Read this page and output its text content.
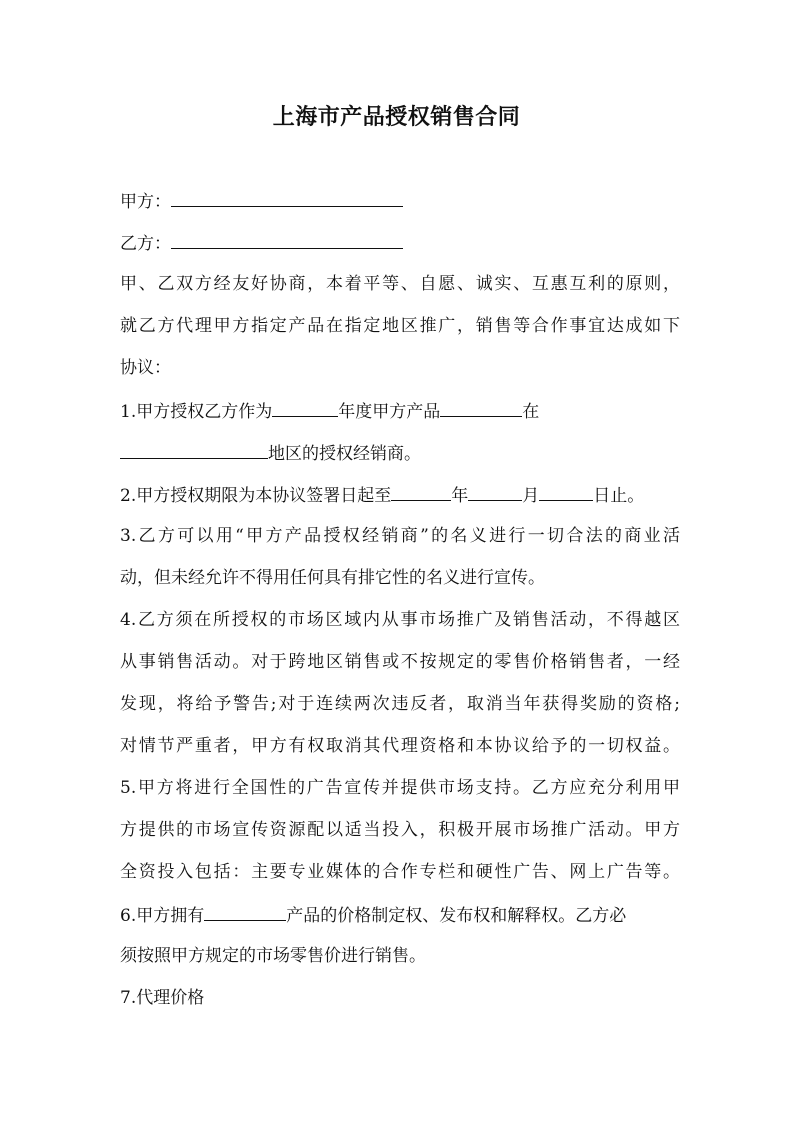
上海市产品授权销售合同
甲方：
乙方：
甲、乙双方经友好协商，本着平等、自愿、诚实、互惠互利的原则，
就乙方代理甲方指定产品在指定地区推广，销售等合作事宜达成如下
协议：
1.甲方授权乙方作为	年度甲方产品	在
地区的授权经销商。
2.甲方授权期限为本协议签署日起至	年	月	日止。
3.乙方可以用“甲方产品授权经销商”的名义进行一切合法的商业活
动，但未经允许不得用任何具有排它性的名义进行宣传。
4.乙方须在所授权的市场区域内从事市场推广及销售活动，不得越区
从事销售活动。对于跨地区销售或不按规定的零售价格销售者，一经
发现，将给予警告;对于连续两次违反者，取消当年获得奖励的资格;
对情节严重者，甲方有权取消其代理资格和本协议给予的一切权益。
5.甲方将进行全国性的广告宣传并提供市场支持。乙方应充分利用甲
方提供的市场宣传资源配以适当投入，积极开展市场推广活动。甲方
全资投入包括：主要专业媒体的合作专栏和硬性广告、网上广告等。
6.甲方拥有	产品的价格制定权、发布权和解释权。乙方必
须按照甲方规定的市场零售价进行销售。
7.代理价格
